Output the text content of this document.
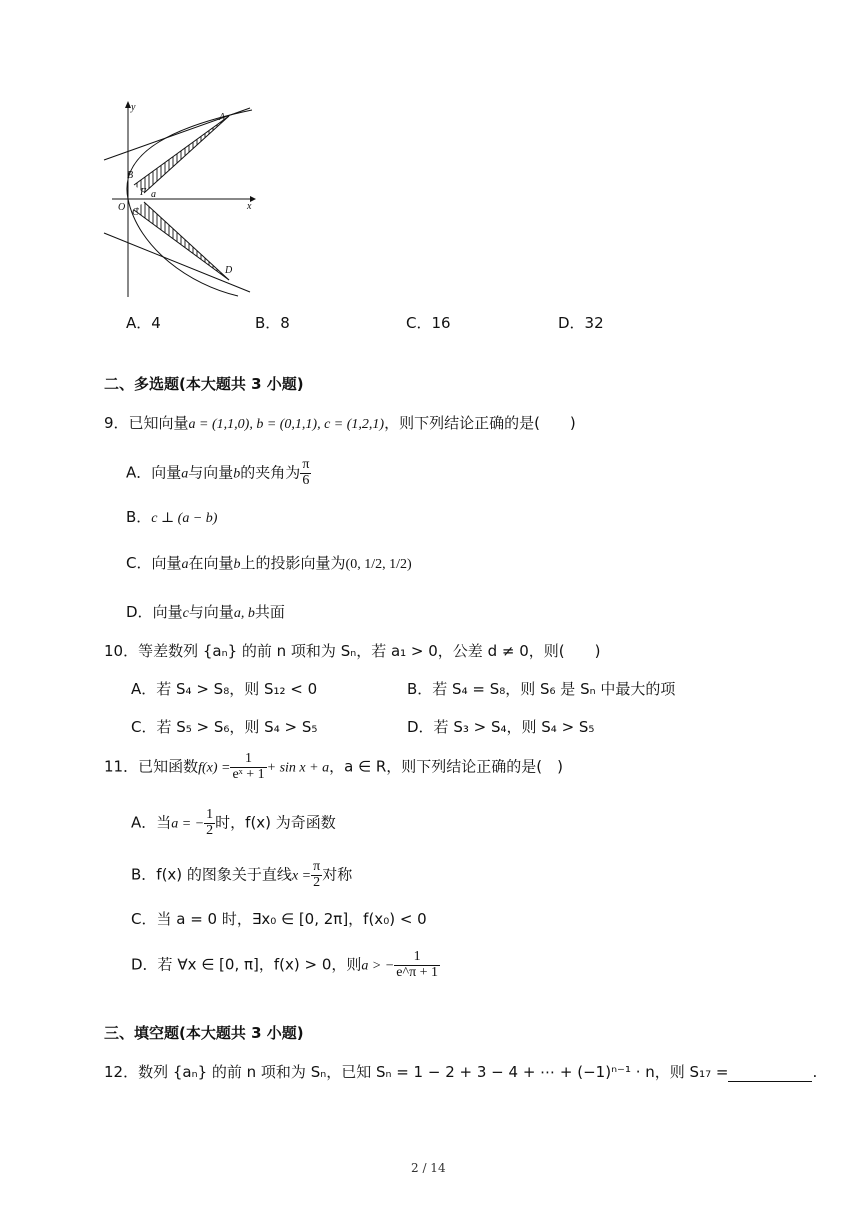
y
x
A
B
F a
O C
D
A．4	B．8	C．16	D．32
二、多选题(本大题共 3 小题)
9．已知向量a = (1,1,0), b = (0,1,1), c = (1,2,1)，则下列结论正确的是(　　)
A．向量a与向量b的夹角为 $\frac{\pi}{6}$
B．c ⊥ (a − b)
C．向量a在向量b上的投影向量为(0, 1/2, 1/2)
D．向量c与向量a, b共面
10．等差数列 {aₙ} 的前 n 项和为 Sₙ，若 a₁ > 0，公差 d ≠ 0，则(　　)
A．若 S₄ > S₈，则 S₁₂ < 0	B．若 S₄ = S₈，则 S₆ 是 Sₙ 中最大的项
C．若 S₅ > S₆，则 S₄ > S₅	D．若 S₃ > S₄，则 S₄ > S₅
11．已知函数$f(x) = \frac{1}{\text{eˣ + 1}} + \sin x + a$，a ∈ R，则下列结论正确的是(　)
A．当a = − $\frac{1}{2}$ 时，f(x) 为奇函数
B．f(x) 的图象关于直线$x = \frac{\pi}{2}$ 对称
C．当 a = 0 时，∃x₀ ∈ [0, 2π]，f(x₀) < 0
D．若 ∀x ∈ [0, π]，f(x) > 0，则a > − $\frac{1}{e\^{}\pi + 1}$
三、填空题(本大题共 3 小题)
12．数列 {aₙ} 的前 n 项和为 Sₙ，已知 Sₙ = 1 − 2 + 3 − 4 + ⋯ + (−1)ⁿ⁻¹ · n，则 S₁₇ =	.
2 / 14
